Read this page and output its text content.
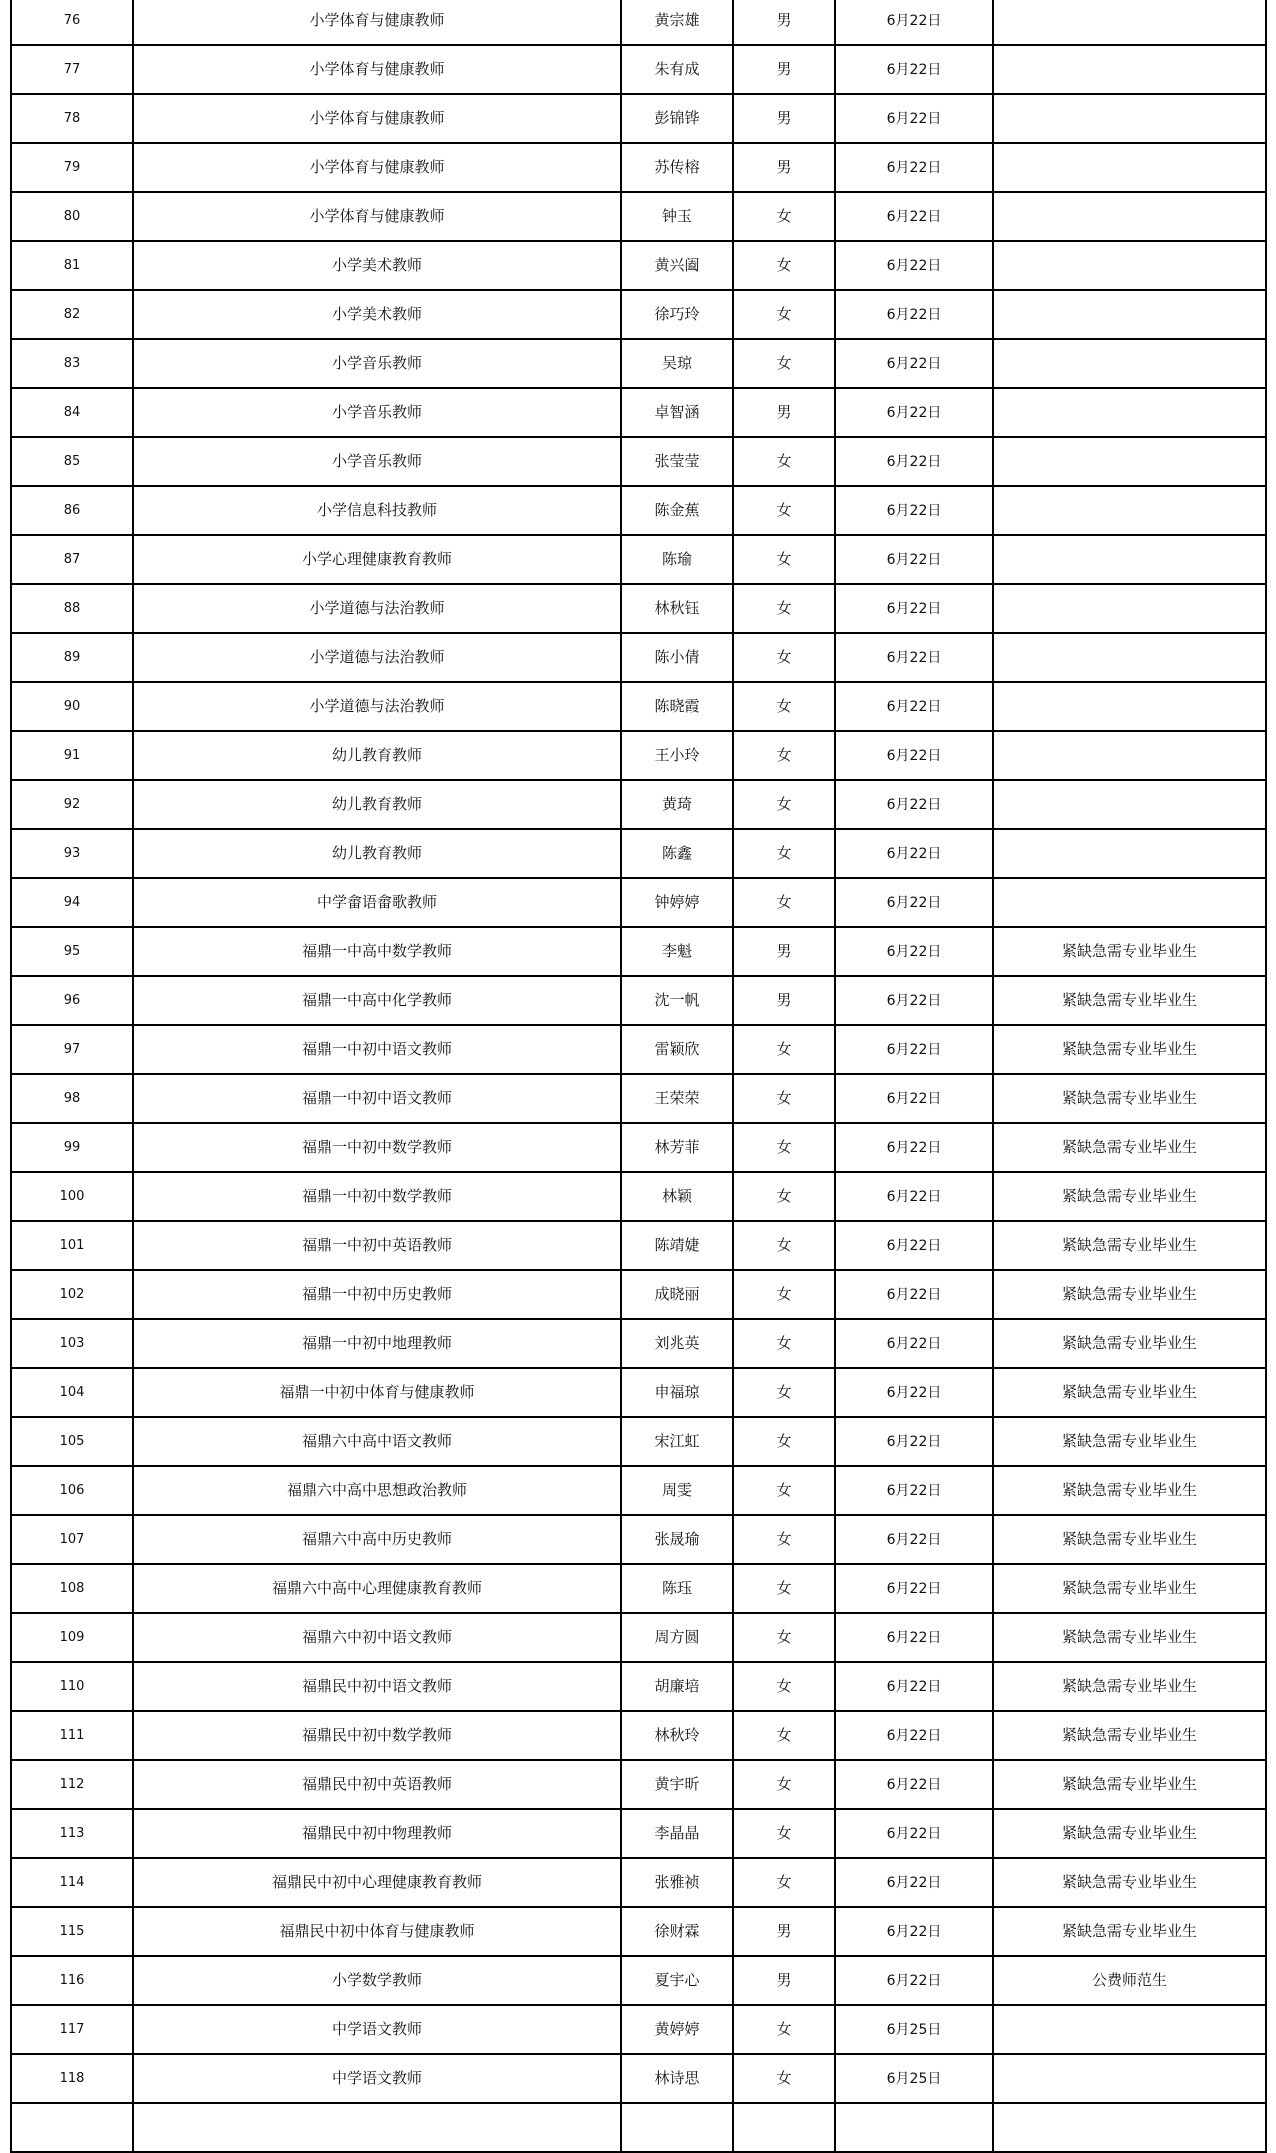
76	小学体育与健康教师	黄宗雄	男	6月22日	
77	小学体育与健康教师	朱有成	男	6月22日	
78	小学体育与健康教师	彭锦铧	男	6月22日	
79	小学体育与健康教师	苏传榕	男	6月22日	
80	小学体育与健康教师	钟玉	女	6月22日	
81	小学美术教师	黄兴阖	女	6月22日	
82	小学美术教师	徐巧玲	女	6月22日	
83	小学音乐教师	吴琼	女	6月22日	
84	小学音乐教师	卓智涵	男	6月22日	
85	小学音乐教师	张莹莹	女	6月22日	
86	小学信息科技教师	陈金蕉	女	6月22日	
87	小学心理健康教育教师	陈瑜	女	6月22日	
88	小学道德与法治教师	林秋钰	女	6月22日	
89	小学道德与法治教师	陈小倩	女	6月22日	
90	小学道德与法治教师	陈晓霞	女	6月22日	
91	幼儿教育教师	王小玲	女	6月22日	
92	幼儿教育教师	黄琦	女	6月22日	
93	幼儿教育教师	陈鑫	女	6月22日	
94	中学畲语畲歌教师	钟婷婷	女	6月22日	
95	福鼎一中高中数学教师	李魁	男	6月22日	紧缺急需专业毕业生
96	福鼎一中高中化学教师	沈一帆	男	6月22日	紧缺急需专业毕业生
97	福鼎一中初中语文教师	雷颖欣	女	6月22日	紧缺急需专业毕业生
98	福鼎一中初中语文教师	王荣荣	女	6月22日	紧缺急需专业毕业生
99	福鼎一中初中数学教师	林芳菲	女	6月22日	紧缺急需专业毕业生
100	福鼎一中初中数学教师	林颖	女	6月22日	紧缺急需专业毕业生
101	福鼎一中初中英语教师	陈靖婕	女	6月22日	紧缺急需专业毕业生
102	福鼎一中初中历史教师	成晓丽	女	6月22日	紧缺急需专业毕业生
103	福鼎一中初中地理教师	刘兆英	女	6月22日	紧缺急需专业毕业生
104	福鼎一中初中体育与健康教师	申福琼	女	6月22日	紧缺急需专业毕业生
105	福鼎六中高中语文教师	宋江虹	女	6月22日	紧缺急需专业毕业生
106	福鼎六中高中思想政治教师	周雯	女	6月22日	紧缺急需专业毕业生
107	福鼎六中高中历史教师	张晟瑜	女	6月22日	紧缺急需专业毕业生
108	福鼎六中高中心理健康教育教师	陈珏	女	6月22日	紧缺急需专业毕业生
109	福鼎六中初中语文教师	周方圆	女	6月22日	紧缺急需专业毕业生
110	福鼎民中初中语文教师	胡廉培	女	6月22日	紧缺急需专业毕业生
111	福鼎民中初中数学教师	林秋玲	女	6月22日	紧缺急需专业毕业生
112	福鼎民中初中英语教师	黄宇昕	女	6月22日	紧缺急需专业毕业生
113	福鼎民中初中物理教师	李晶晶	女	6月22日	紧缺急需专业毕业生
114	福鼎民中初中心理健康教育教师	张雅祯	女	6月22日	紧缺急需专业毕业生
115	福鼎民中初中体育与健康教师	徐财霖	男	6月22日	紧缺急需专业毕业生
116	小学数学教师	夏宇心	男	6月22日	公费师范生
117	中学语文教师	黄婷婷	女	6月25日	
118	中学语文教师	林诗思	女	6月25日	
